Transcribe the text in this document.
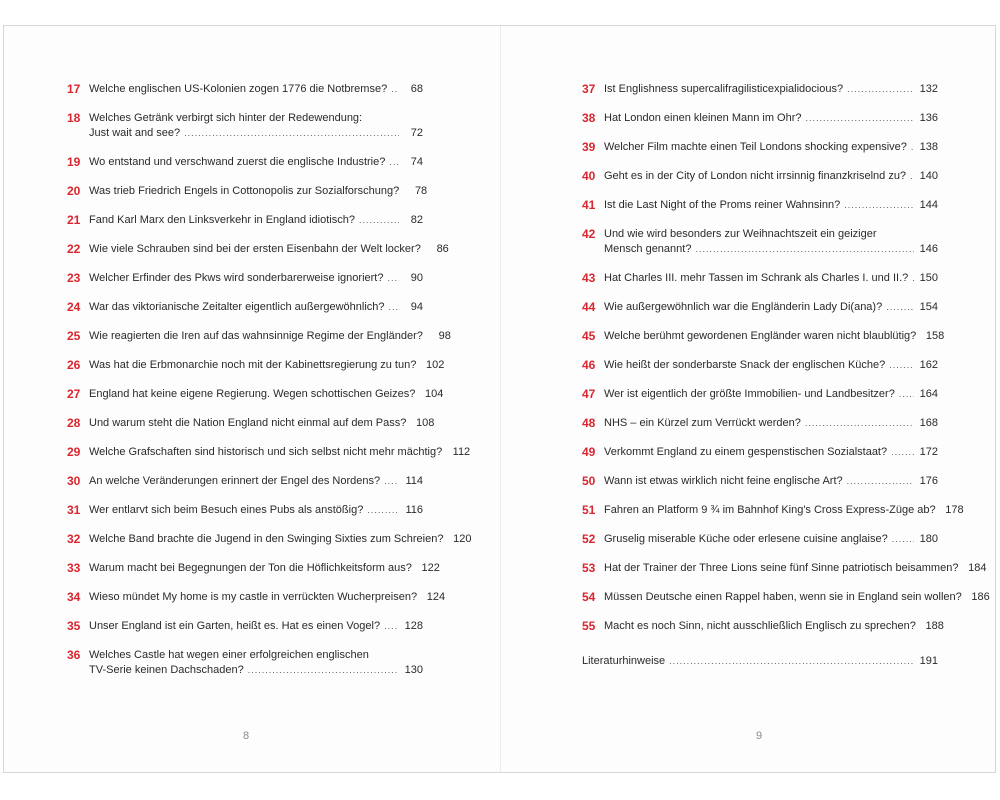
17 Welche englischen US-Kolonien zogen 1776 die Notbremse? .....	68
18 Welches Getränk verbirgt sich hinter der Redewendung:
Just wait and see? .....	72
19 Wo entstand und verschwand zuerst die englische Industrie? .....	74
20 Was trieb Friedrich Engels in Cottonopolis zur Sozialforschung?	78
21 Fand Karl Marx den Linksverkehr in England idiotisch? .....	82
22 Wie viele Schrauben sind bei der ersten Eisenbahn der Welt locker?	86
23 Welcher Erfinder des Pkws wird sonderbarerweise ignoriert? .....	90
24 War das viktorianische Zeitalter eigentlich außergewöhnlich? .....	94
25 Wie reagierten die Iren auf das wahnsinnige Regime der Engländer?	98
26 Was hat die Erbmonarchie noch mit der Kabinettsregierung zu tun? 102
27 England hat keine eigene Regierung. Wegen schottischen Geizes? 104
28 Und warum steht die Nation England nicht einmal auf dem Pass? 108
29 Welche Grafschaften sind historisch und sich selbst nicht mehr mächtig? 112
30 An welche Veränderungen erinnert der Engel des Nordens? ..... 114
31 Wer entlarvt sich beim Besuch eines Pubs als anstößig? .....	116
32 Welche Band brachte die Jugend in den Swinging Sixties zum Schreien? 120
33 Warum macht bei Begegnungen der Ton die Höflichkeitsform aus? 122
34 Wieso mündet My home is my castle in verrückten Wucherpreisen? 124
35 Unser England ist ein Garten, heißt es. Hat es einen Vogel? ..... 128
36 Welches Castle hat wegen einer erfolgreichen englischen
TV-Serie keinen Dachschaden? .....	130
8
37 Ist Englishness supercalifragilisticexpialidocious? .....	132
38 Hat London einen kleinen Mann im Ohr? .....	136
39 Welcher Film machte einen Teil Londons shocking expensive? ..... 138
40 Geht es in der City of London nicht irrsinnig finanzkriselnd zu? ..... 140
41 Ist die Last Night of the Proms reiner Wahnsinn? .....	144
42 Und wie wird besonders zur Weihnachtszeit ein geiziger
Mensch genannt? .....	146
43 Hat Charles III. mehr Tassen im Schrank als Charles I. und II.? ..... 150
44 Wie außergewöhnlich war die Engländerin Lady Di(ana)? .....	154
45 Welche berühmt gewordenen Engländer waren nicht blaublütig? 158
46 Wie heißt der sonderbarste Snack der englischen Küche? .....	162
47 Wer ist eigentlich der größte Immobilien- und Landbesitzer? ..... 164
48 NHS – ein Kürzel zum Verrückt werden? .....	168
49 Verkommt England zu einem gespenstischen Sozialstaat? .....	172
50 Wann ist etwas wirklich nicht feine englische Art? .....	176
51 Fahren an Platform 9 ¾ im Bahnhof King's Cross Express-Züge ab? 178
52 Gruselig miserable Küche oder erlesene cuisine anglaise? .....	180
53 Hat der Trainer der Three Lions seine fünf Sinne patriotisch beisammen? 184
54 Müssen Deutsche einen Rappel haben, wenn sie in England sein wollen? 186
55 Macht es noch Sinn, nicht ausschließlich Englisch zu sprechen? 188
Literaturhinweise .....	191
9
